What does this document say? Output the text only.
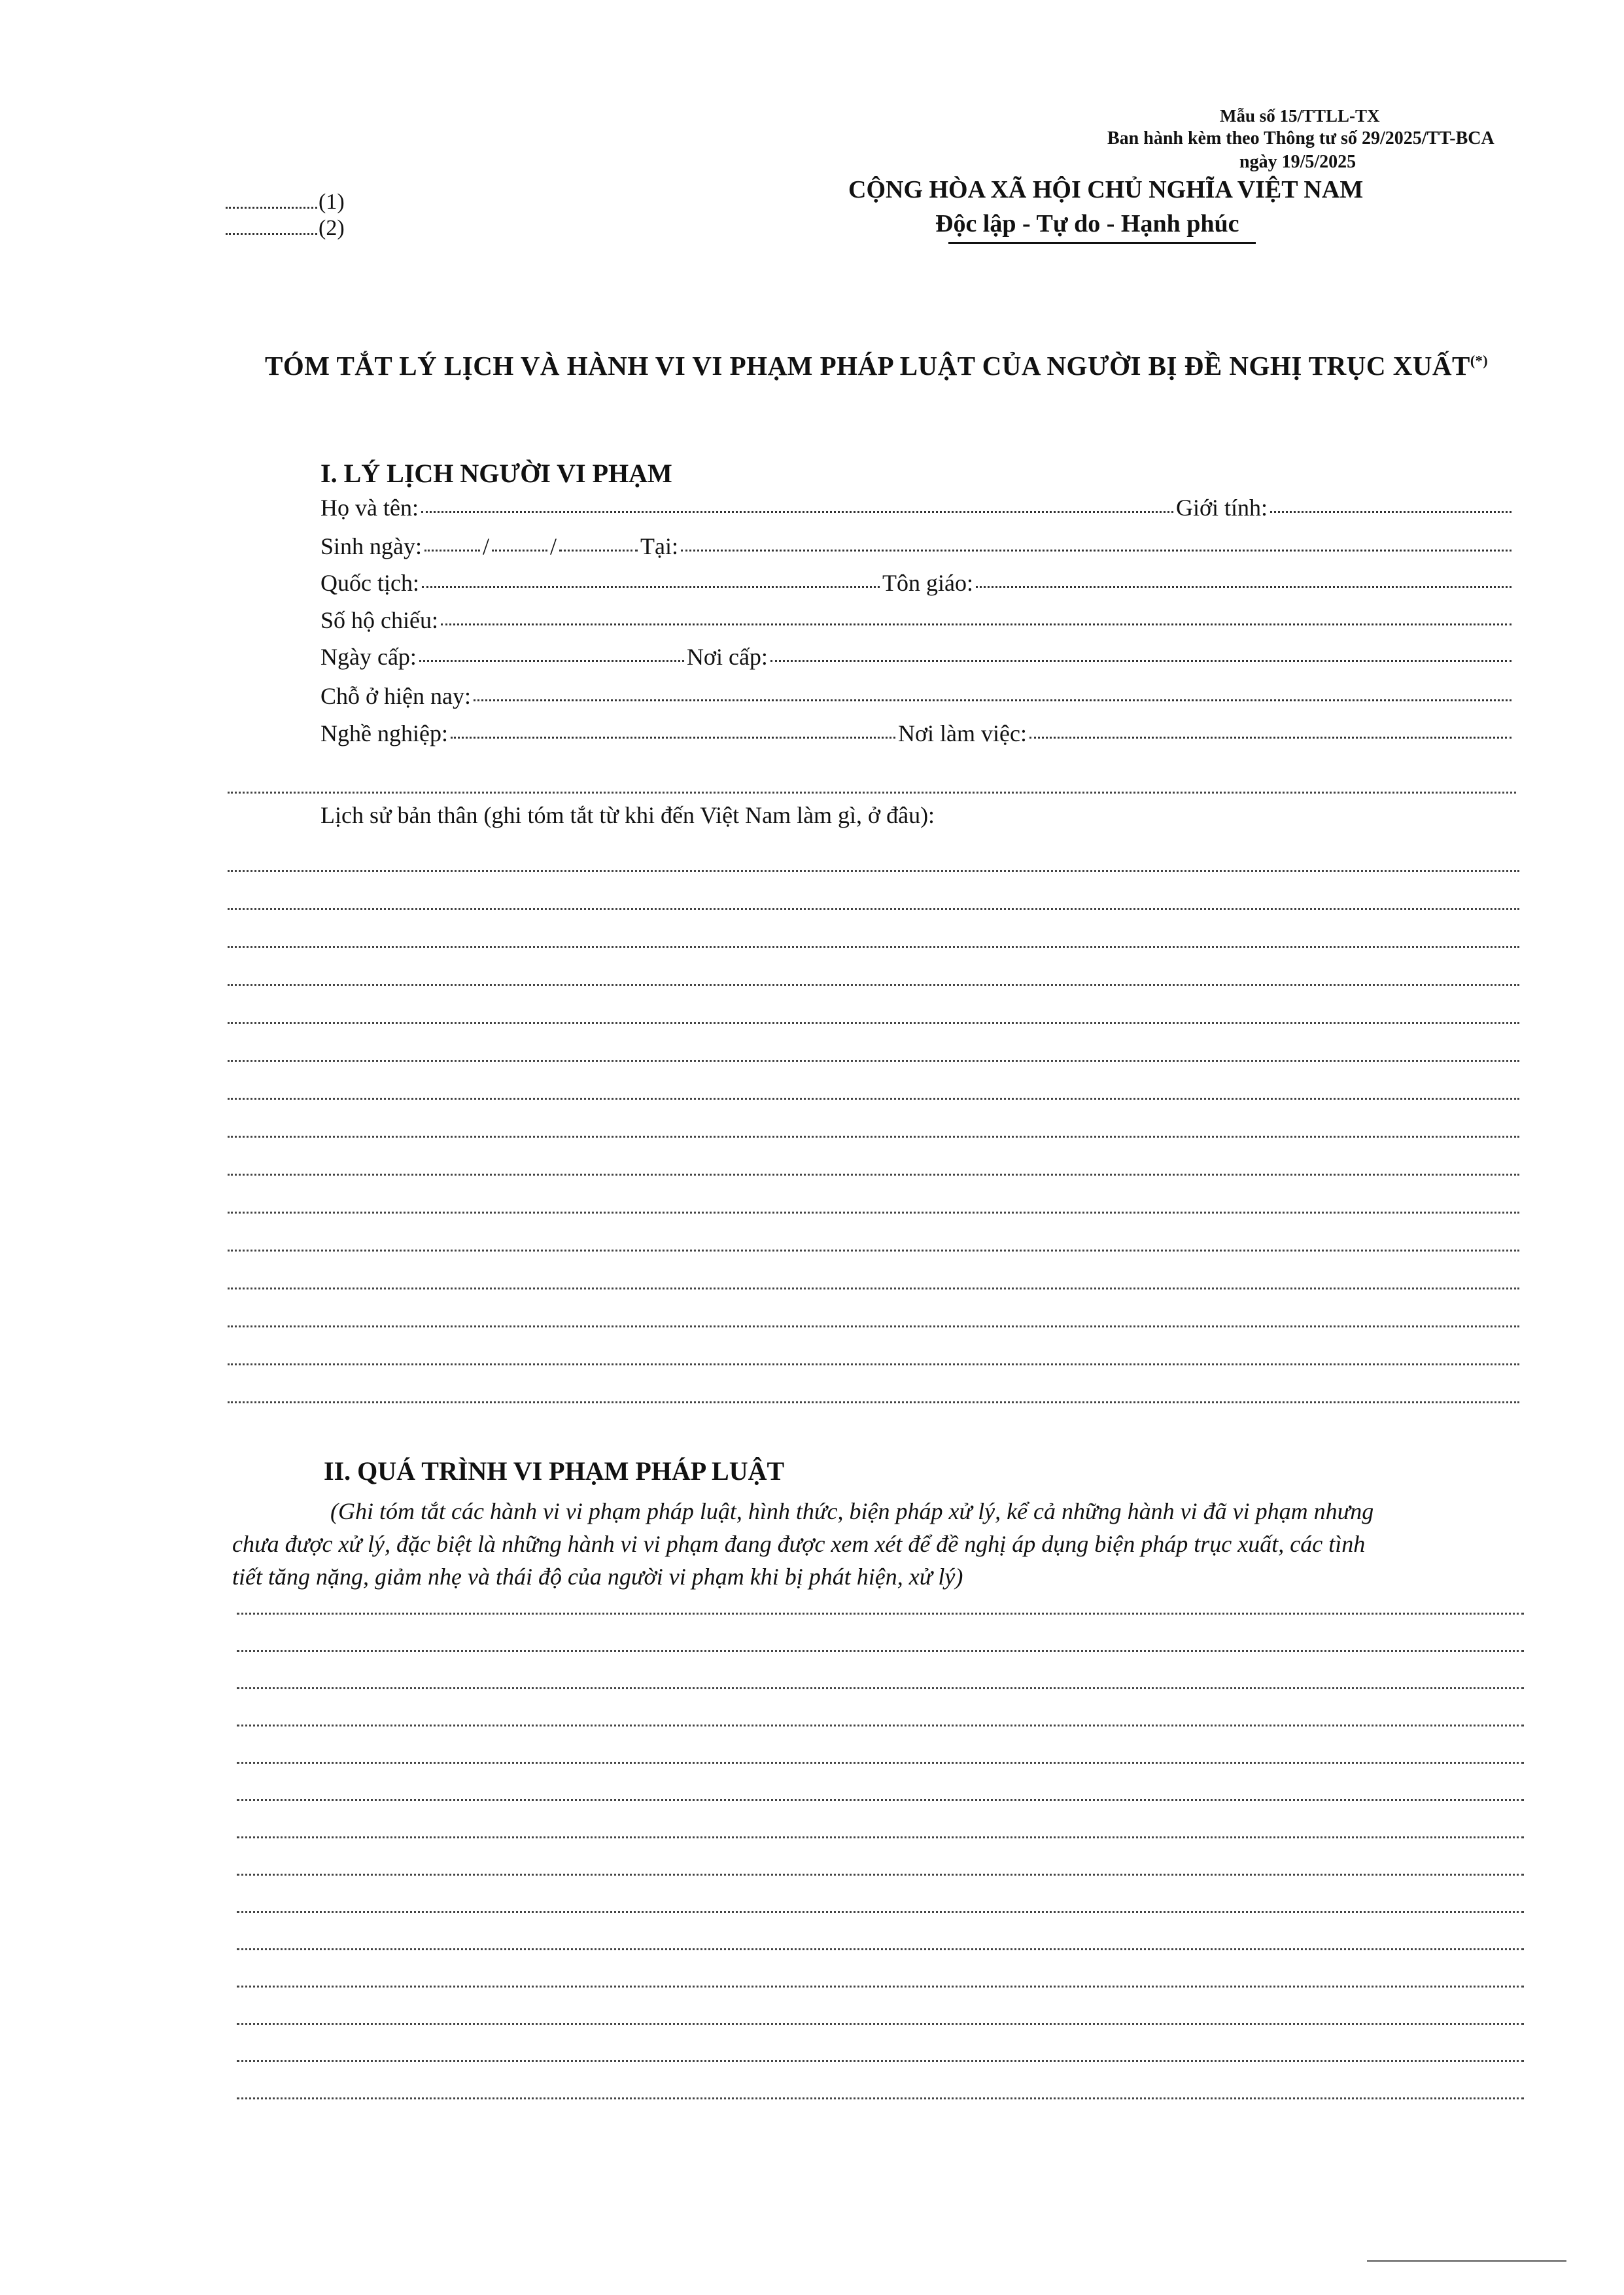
Mẫu số 15/TTLL-TX
Ban hành kèm theo Thông tư số 29/2025/TT-BCA
ngày 19/5/2025
(1)
(2)
CỘNG HÒA XÃ HỘI CHỦ NGHĨA VIỆT NAM
Độc lập - Tự do - Hạnh phúc
TÓM TẮT LÝ LỊCH VÀ HÀNH VI VI PHẠM PHÁP LUẬT CỦA NGƯỜI BỊ ĐỀ NGHỊ TRỤC XUẤT(*)
I. LÝ LỊCH NGƯỜI VI PHẠM
Họ và tên:	Giới tính:
Sinh ngày:	/	/	Tại:
Quốc tịch:	Tôn giáo:
Số hộ chiếu:
Ngày cấp:	Nơi cấp:
Chỗ ở hiện nay:
Nghề nghiệp:	Nơi làm việc:
Lịch sử bản thân (ghi tóm tắt từ khi đến Việt Nam làm gì, ở đâu):
II. QUÁ TRÌNH VI PHẠM PHÁP LUẬT
(Ghi tóm tắt các hành vi vi phạm pháp luật, hình thức, biện pháp xử lý, kể cả những hành vi đã vi phạm nhưng
chưa được xử lý, đặc biệt là những hành vi vi phạm đang được xem xét để đề nghị áp dụng biện pháp trục xuất, các tình
tiết tăng nặng, giảm nhẹ và thái độ của người vi phạm khi bị phát hiện, xử lý)
